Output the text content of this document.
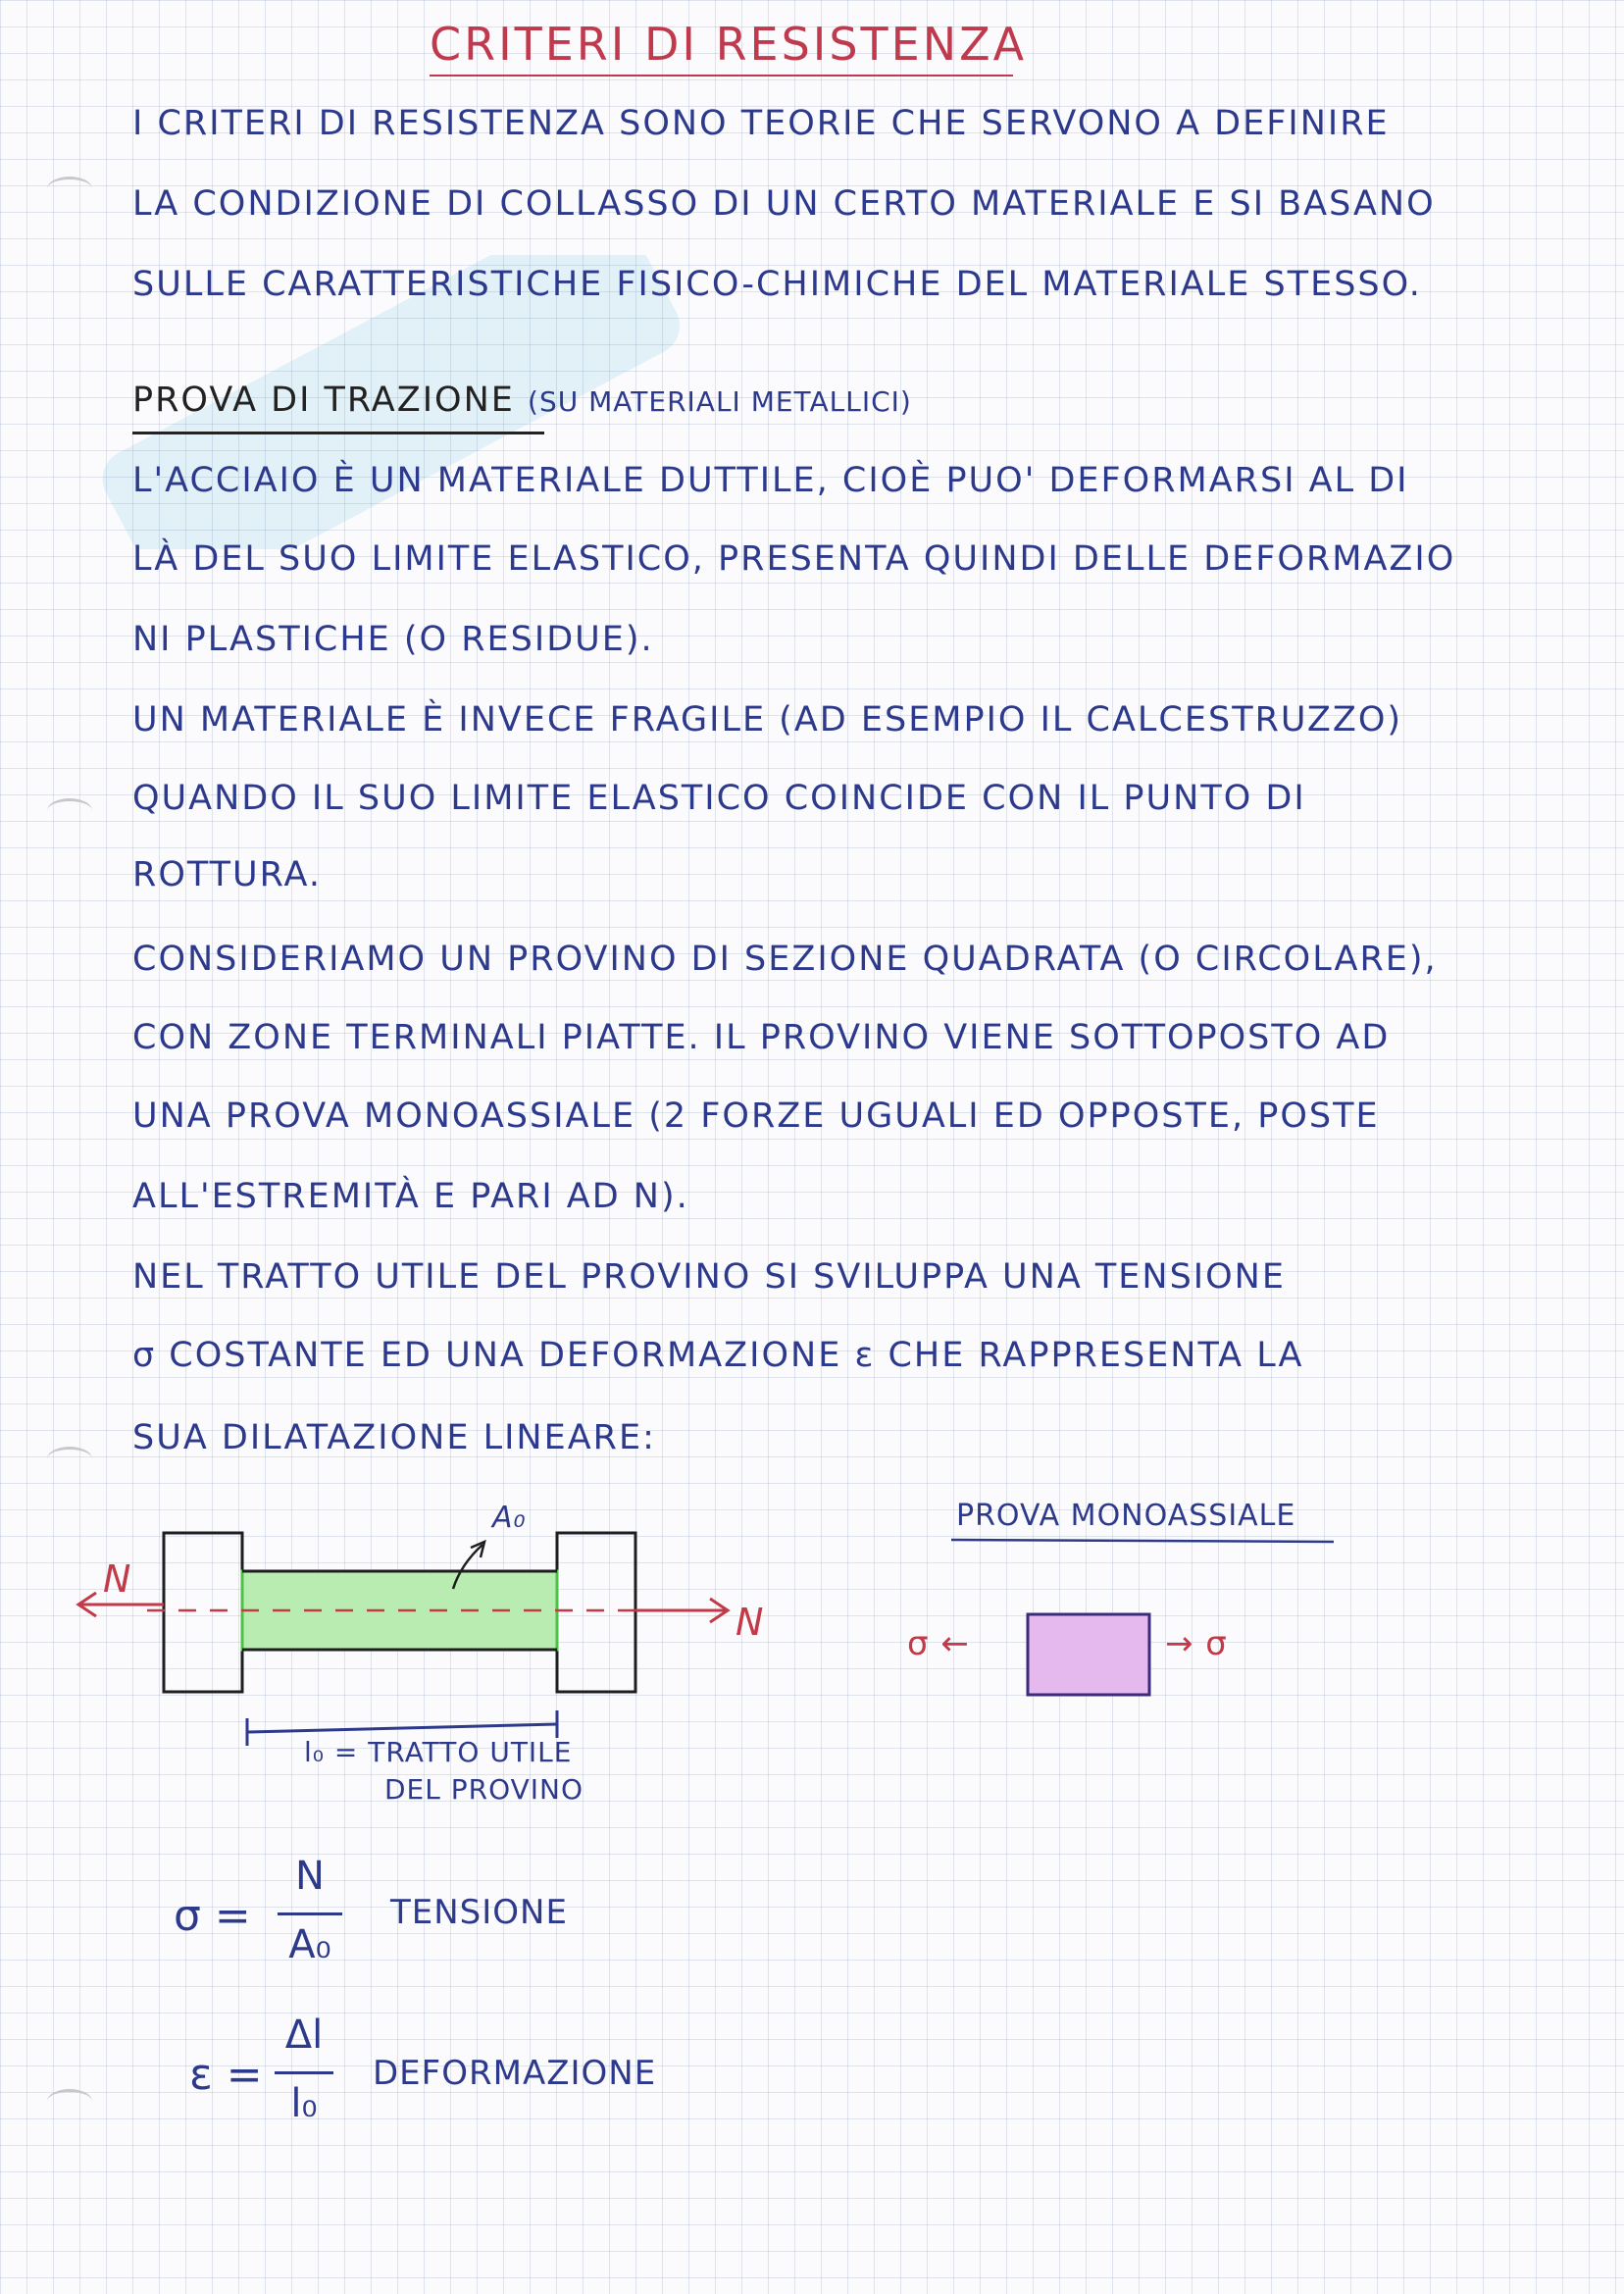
CRITERI DI RESISTENZA
I CRITERI DI RESISTENZA SONO TEORIE CHE SERVONO A DEFINIRE
LA CONDIZIONE DI COLLASSO DI UN CERTO MATERIALE E SI BASANO
SULLE CARATTERISTICHE FISICO-CHIMICHE DEL MATERIALE STESSO.
PROVA DI TRAZIONE (SU MATERIALI METALLICI)
L'ACCIAIO È UN MATERIALE DUTTILE, CIOÈ PUO' DEFORMARSI AL DI
LÀ DEL SUO LIMITE ELASTICO, PRESENTA QUINDI DELLE DEFORMAZIO
NI PLASTICHE (O RESIDUE).
UN MATERIALE È INVECE FRAGILE (AD ESEMPIO IL CALCESTRUZZO)
QUANDO IL SUO LIMITE ELASTICO COINCIDE CON IL PUNTO DI
ROTTURA.
CONSIDERIAMO UN PROVINO DI SEZIONE QUADRATA (O CIRCOLARE),
CON ZONE TERMINALI PIATTE. IL PROVINO VIENE SOTTOPOSTO AD
UNA PROVA MONOASSIALE (2 FORZE UGUALI ED OPPOSTE, POSTE
ALL'ESTREMITÀ E PARI AD N).
NEL TRATTO UTILE DEL PROVINO SI SVILUPPA UNA TENSIONE
σ COSTANTE ED UNA DEFORMAZIONE ε CHE RAPPRESENTA LA
SUA DILATAZIONE LINEARE:
N
N
A₀
l₀ = TRATTO UTILE
DEL PROVINO
PROVA MONOASSIALE
σ ←	→ σ
σ =
N
A₀
TENSIONE
ε =
Δl
l₀
DEFORMAZIONE
